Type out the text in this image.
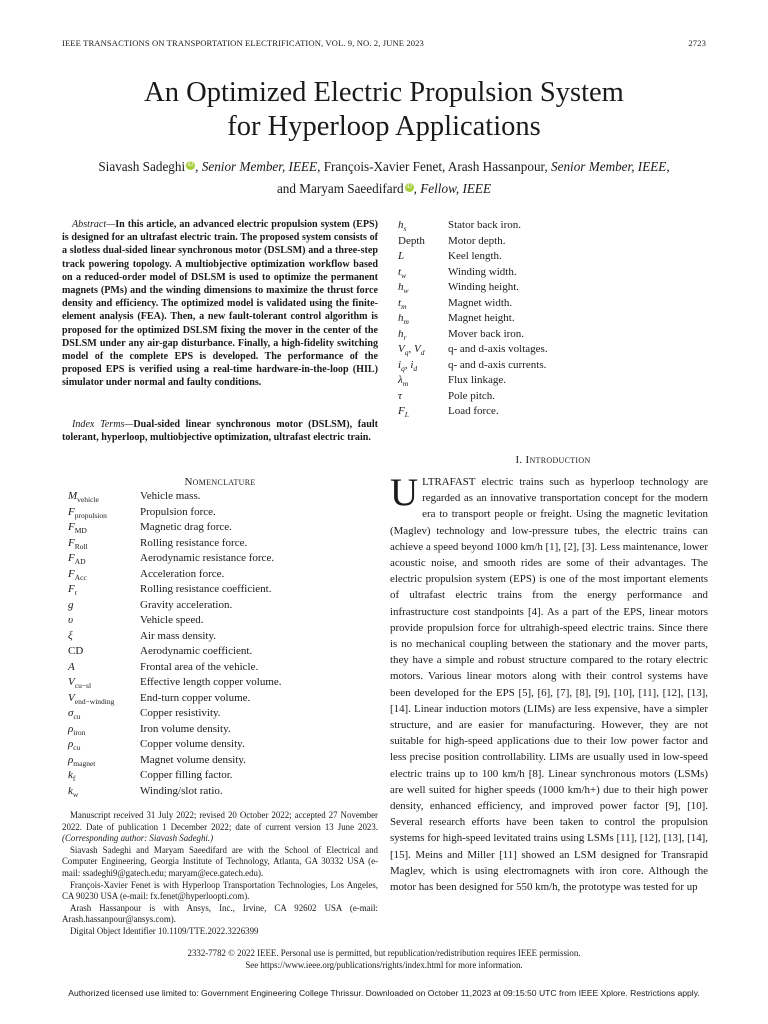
IEEE TRANSACTIONS ON TRANSPORTATION ELECTRIFICATION, VOL. 9, NO. 2, JUNE 2023	2723
An Optimized Electric Propulsion System
for Hyperloop Applications
Siavash Sadeghi iD , Senior Member, IEEE, François-Xavier Fenet, Arash Hassanpour, Senior Member, IEEE,
and Maryam Saeedifard iD , Fellow, IEEE
Abstract—In this article, an advanced electric propulsion system (EPS) is designed for an ultrafast electric train. The proposed system consists of a slotless dual-sided linear synchronous motor (DSLSM) and a three-step track powering topology. A multiobjective optimization workflow based on a reduced-order model of DSLSM is used to optimize the permanent magnets (PMs) and the winding dimensions to maximize the thrust force density and efficiency. The optimized model is validated using the finite-element analysis (FEA). Then, a new fault-tolerant control algorithm is proposed for the optimized DSLSM fixing the mover in the center of the DSLSM under any air-gap disturbance. Finally, a high-fidelity switching model of the complete EPS is developed. The performance of the proposed EPS is verified using a real-time hardware-in-the-loop (HIL) simulator under normal and faulty conditions.
Index Terms—Dual-sided linear synchronous motor (DSLSM), fault tolerant, hyperloop, multiobjective optimization, ultrafast electric train.
Nomenclature
$M_{vehicle}$	Vehicle mass.
$F_{propulsion}$	Propulsion force.
$F_{MD}$	Magnetic drag force.
$F_{Roll}$	Rolling resistance force.
$F_{AD}$	Aerodynamic resistance force.
$F_{Acc}$	Acceleration force.
$F_r$	Rolling resistance coefficient.
g	Gravity acceleration.
υ	Vehicle speed.
ξ	Air mass density.
CD	Aerodynamic coefficient.
A	Frontal area of the vehicle.
$V_{cu-sl}$	Effective length copper volume.
$V_{end-winding}$ End-turn copper volume.
$\sigma_{cu}$	Copper resistivity.
$\rho_{iron}$	Iron volume density.
$\rho_{cu}$	Copper volume density.
$\rho_{magnet}$	Magnet volume density.
$k_f$	Copper filling factor.
$k_w$	Winding/slot ratio.

Manuscript received 31 July 2022; revised 20 October 2022; accepted 27 November 2022. Date of publication 1 December 2022; date of current version 13 June 2023. (Corresponding author: Siavash Sadeghi.)

Siavash Sadeghi and Maryam Saeedifard are with the School of Electrical and Computer Engineering, Georgia Institute of Technology, Atlanta, GA 30332 USA (e-mail: ssadeghi9@gatech.edu; maryam@ece.gatech.edu).

François-Xavier Fenet is with Hyperloop Transportation Technologies, Los Angeles, CA 90230 USA (e-mail: fx.fenet@hyperloopti.com).

Arash Hassanpour is with Ansys, Inc., Irvine, CA 92602 USA (e-mail: Arash.hassanpour@ansys.com).

Digital Object Identifier 10.1109/TTE.2022.3226399

$h_s$	Stator back iron.
Depth Motor depth.
L	Keel length.
$t_w$	Winding width.
$h_w$	Winding height.
$t_m$	Magnet width.
$h_m$	Magnet height.
$h_r$	Mover back iron.
$V_q$, $V_d$ q- and d-axis voltages.
$i_q$, $i_d$	q- and d-axis currents.
$\lambda_m$	Flux linkage.
τ	Pole pitch.
$F_L$	Load force.
I. Introduction
ULTRAFAST electric trains such as hyperloop technology are regarded as an innovative transportation concept for the modern era to transport people or freight. Using the magnetic levitation (Maglev) technology and low-pressure tubes, the electric trains can achieve a speed beyond 1000 km/h [1], [2], [3]. Less maintenance, lower acoustic noise, and smooth rides are some of their advantages. The electric propulsion system (EPS) is one of the most important elements of ultrafast electric trains from the energy performance and infrastructure cost standpoints [4]. As a part of the EPS, linear motors provide propulsion force for ultrahigh-speed electric trains. Since there is no mechanical coupling between the stationary and the mover parts, they have a simple and robust structure compared to the rotary electric motors. Various linear motors along with their control systems have been developed for the EPS [5], [6], [7], [8], [9], [10], [11], [12], [13], [14]. Linear induction motors (LIMs) are less expensive, have a simpler structure, and are easier for manufacturing. However, they are not suitable for high-speed applications due to their low power factor and less precise position controllability. LIMs are usually used in low-speed electric trains up to 100 km/h [8]. Linear synchronous motors (LSMs) are well suited for higher speeds (1000 km/h+) due to their high power density, enhanced efficiency, and improved power factor [9], [10]. Several research efforts have been taken to control the propulsion systems for high-speed levitated trains using LSMs [11], [12], [13], [14], [15]. Meins and Miller [11] showed an LSM designed for Transrapid Maglev, which is using electromagnets with iron core. Although the motor has been designed for 550 km/h, the prototype was tested for up
2332-7782 © 2022 IEEE. Personal use is permitted, but republication/redistribution requires IEEE permission.
See https://www.ieee.org/publications/rights/index.html for more information.
Authorized licensed use limited to: Government Engineering College Thrissur. Downloaded on October 11,2023 at 09:15:50 UTC from IEEE Xplore. Restrictions apply.
